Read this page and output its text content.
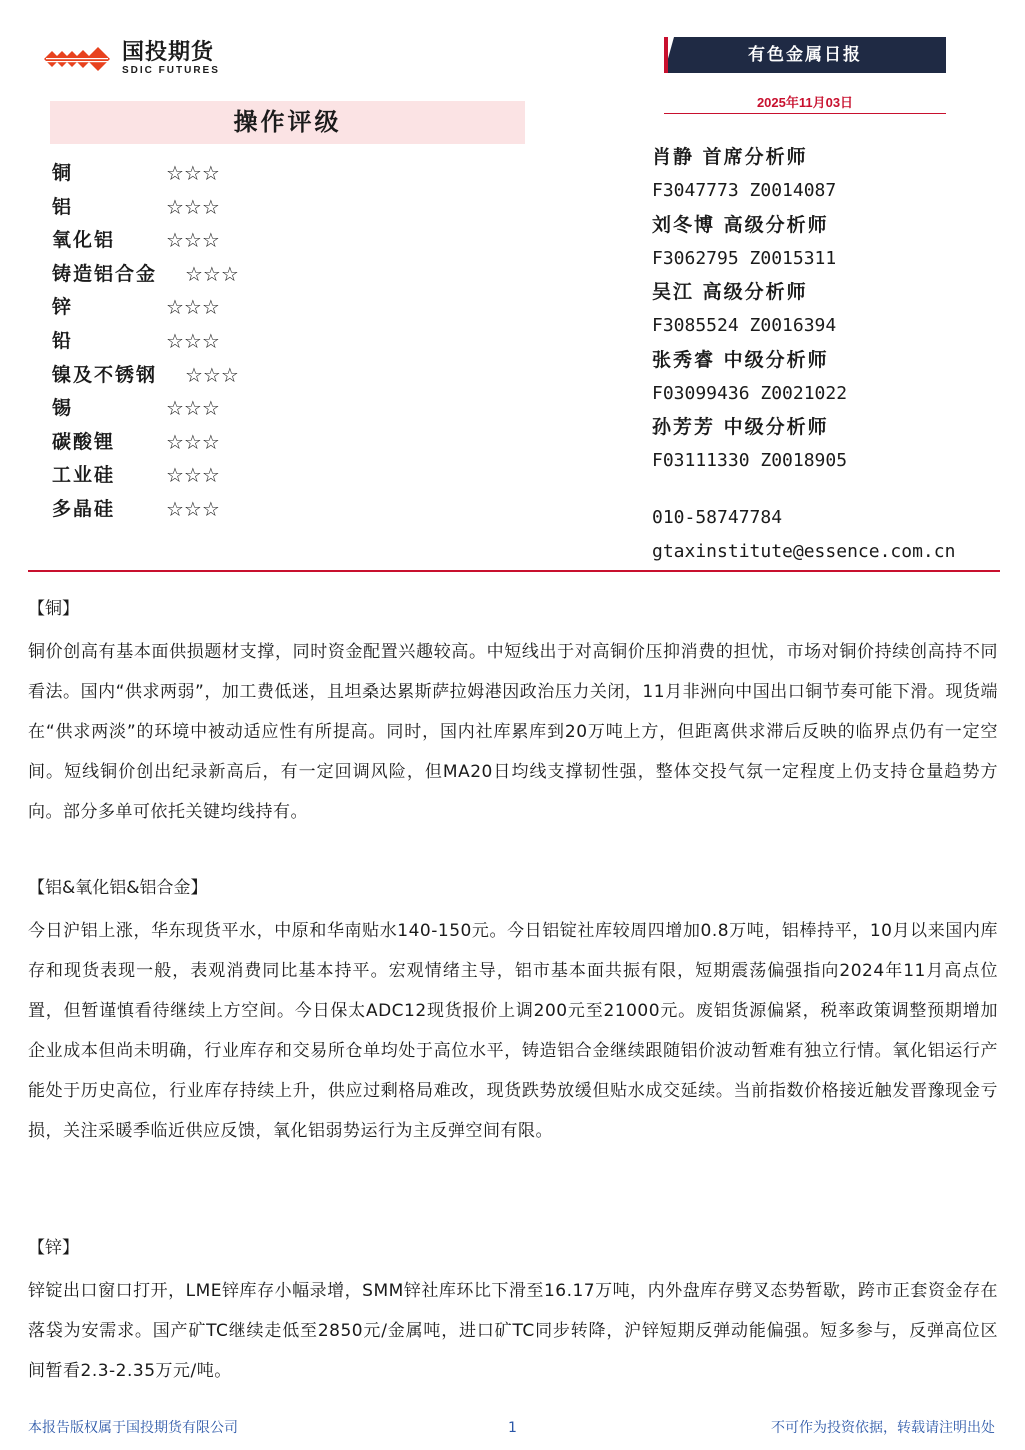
国投期货
SDIC FUTURES
有色金属日报
2025年11月03日
操作评级
铜	☆☆☆
铝	☆☆☆
氧化铝	☆☆☆
铸造铝合金 ☆☆☆
锌	☆☆☆
铅	☆☆☆
镍及不锈钢 ☆☆☆
锡	☆☆☆
碳酸锂	☆☆☆
工业硅	☆☆☆
多晶硅	☆☆☆
肖静 首席分析师
F3047773 Z0014087
刘冬博 高级分析师
F3062795 Z0015311
吴江 高级分析师
F3085524 Z0016394
张秀睿 中级分析师
F03099436 Z0021022
孙芳芳 中级分析师
F03111330 Z0018905
010-58747784
gtaxinstitute@essence.com.cn
【铜】
铜价创高有基本面供损题材支撑，同时资金配置兴趣较高。中短线出于对高铜价压抑消费的担忧，市场对铜价持续创高持不同看法。国内“供求两弱”，加工费低迷，且坦桑达累斯萨拉姆港因政治压力关闭，11月非洲向中国出口铜节奏可能下滑。现货端在“供求两淡”的环境中被动适应性有所提高。同时，国内社库累库到20万吨上方，但距离供求滞后反映的临界点仍有一定空间。短线铜价创出纪录新高后，有一定回调风险，但MA20日均线支撑韧性强，整体交投气氛一定程度上仍支持仓量趋势方向。部分多单可依托关键均线持有。
【铝&氧化铝&铝合金】
今日沪铝上涨，华东现货平水，中原和华南贴水140-150元。今日铝锭社库较周四增加0.8万吨，铝棒持平，10月以来国内库存和现货表现一般，表观消费同比基本持平。宏观情绪主导，铝市基本面共振有限，短期震荡偏强指向2024年11月高点位置，但暂谨慎看待继续上方空间。今日保太ADC12现货报价上调200元至21000元。废铝货源偏紧，税率政策调整预期增加企业成本但尚未明确，行业库存和交易所仓单均处于高位水平，铸造铝合金继续跟随铝价波动暂难有独立行情。氧化铝运行产能处于历史高位，行业库存持续上升，供应过剩格局难改，现货跌势放缓但贴水成交延续。当前指数价格接近触发晋豫现金亏损，关注采暖季临近供应反馈，氧化铝弱势运行为主反弹空间有限。
【锌】
锌锭出口窗口打开，LME锌库存小幅录增，SMM锌社库环比下滑至16.17万吨，内外盘库存劈叉态势暂歇，跨市正套资金存在落袋为安需求。国产矿TC继续走低至2850元/金属吨，进口矿TC同步转降，沪锌短期反弹动能偏强。短多参与，反弹高位区间暂看2.3-2.35万元/吨。
本报告版权属于国投期货有限公司	1	不可作为投资依据，转载请注明出处
